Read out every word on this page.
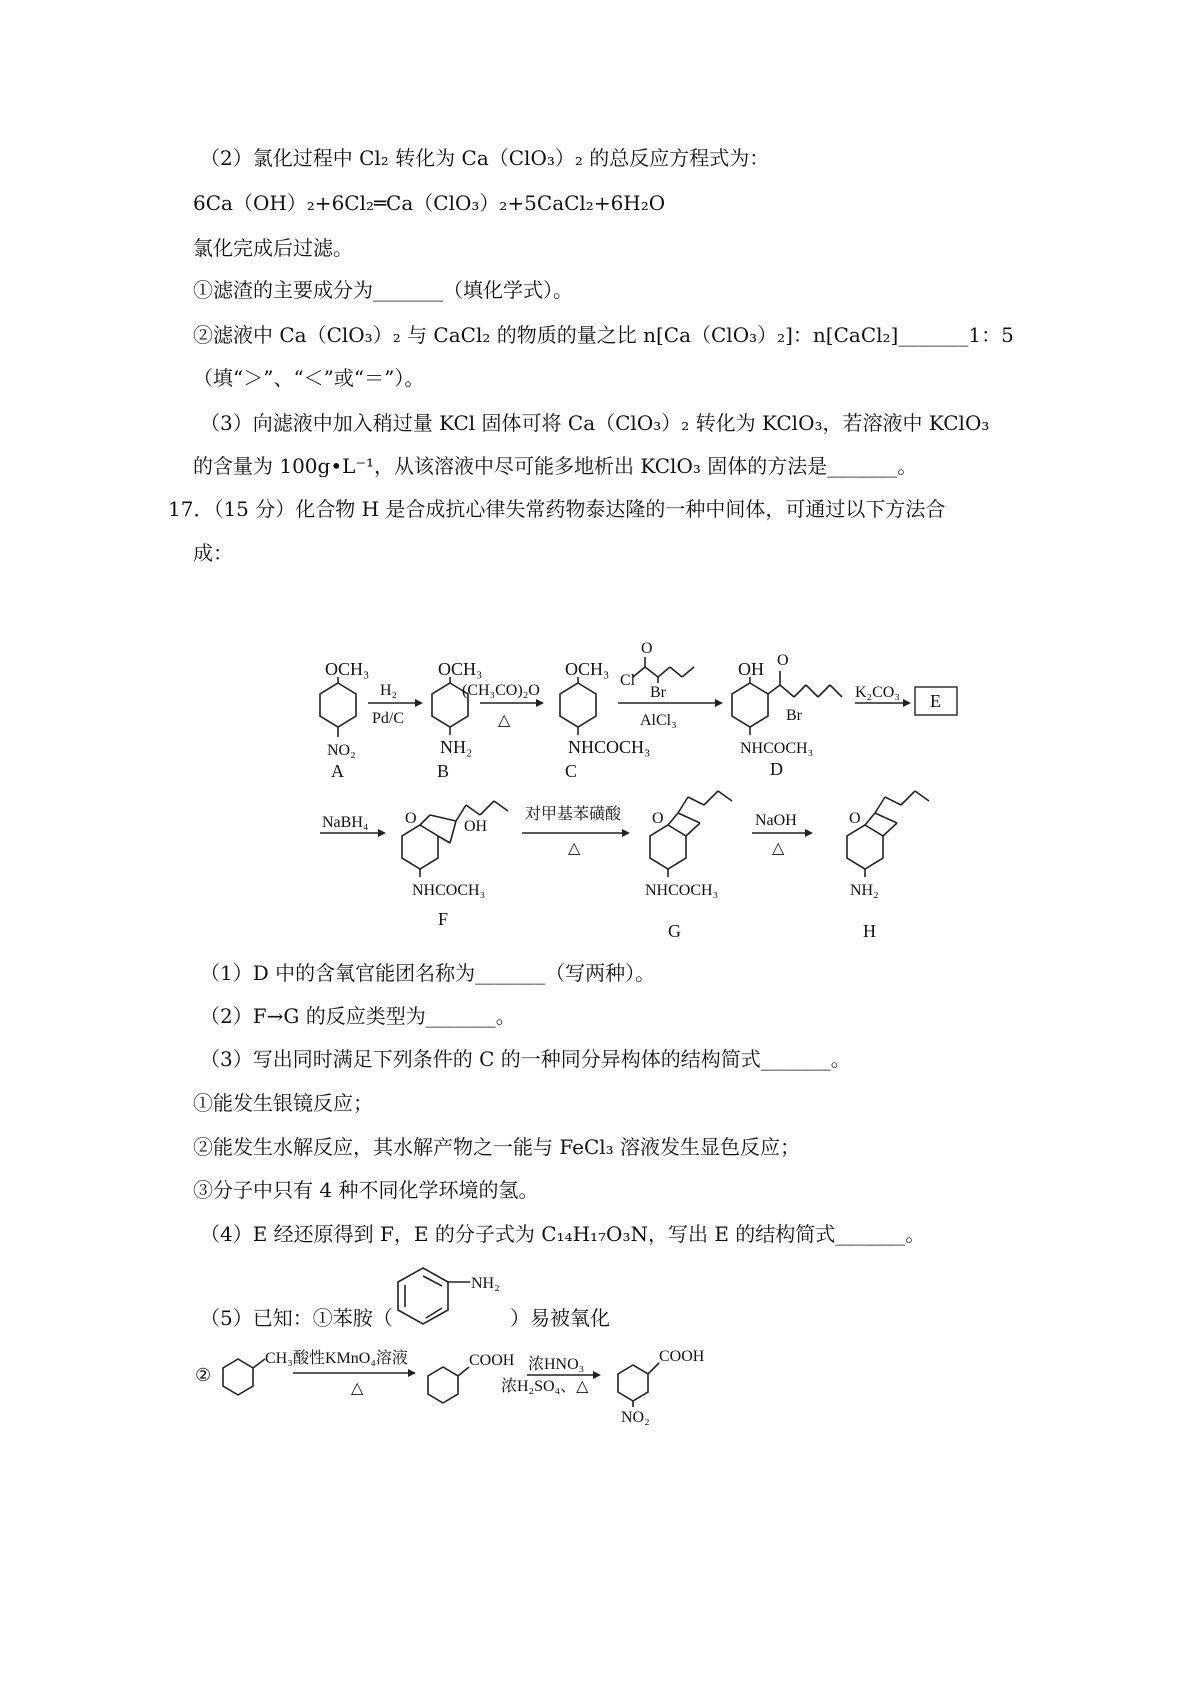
（2）氯化过程中 Cl₂ 转化为 Ca（ClO₃）₂ 的总反应方程式为：
6Ca（OH）₂+6Cl₂═Ca（ClO₃）₂+5CaCl₂+6H₂O
氯化完成后过滤。
①滤渣的主要成分为_______（填化学式）。
②滤液中 Ca（ClO₃）₂ 与 CaCl₂ 的物质的量之比 n[Ca（ClO₃）₂]：n[CaCl₂]_______1：5
（填“＞”、“＜”或“＝”）。
（3）向滤液中加入稍过量 KCl 固体可将 Ca（ClO₃）₂ 转化为 KClO₃，若溶液中 KClO₃
的含量为 100g•L⁻¹，从该溶液中尽可能多地析出 KClO₃ 固体的方法是_______。
17．（15 分）化合物 H 是合成抗心律失常药物泰达隆的一种中间体，可通过以下方法合
成：
OCH₃
NO₂
A
H₂
Pd/C
OCH₃
NH₂
B
(CH₃CO)₂O
△
OCH₃
NHCOCH₃
C
O
Cl
Br
AlCl₃
OH O
Br
NHCOCH₃
D
K₂CO₃ E
NaBH₄ O	OH
NHCOCH₃
F
对甲基苯磺酸
△
O
NHCOCH₃
G
NaOH
△
O
NH₂
H
（1）D 中的含氧官能团名称为_______（写两种）。
（2）F→G 的反应类型为_______。
（3）写出同时满足下列条件的 C 的一种同分异构体的结构简式_______。
①能发生银镜反应；
②能发生水解反应，其水解产物之一能与 FeCl₃ 溶液发生显色反应；
③分子中只有 4 种不同化学环境的氢。
（4）E 经还原得到 F，E 的分子式为 C₁₄H₁₇O₃N，写出 E 的结构简式_______。
（5）已知：①苯胺（
NH₂
）易被氧化
②
CH₃ 酸性KMnO₄溶液
△
COOH 浓HNO₃
浓H₂SO₄、△
COOH
NO₂
